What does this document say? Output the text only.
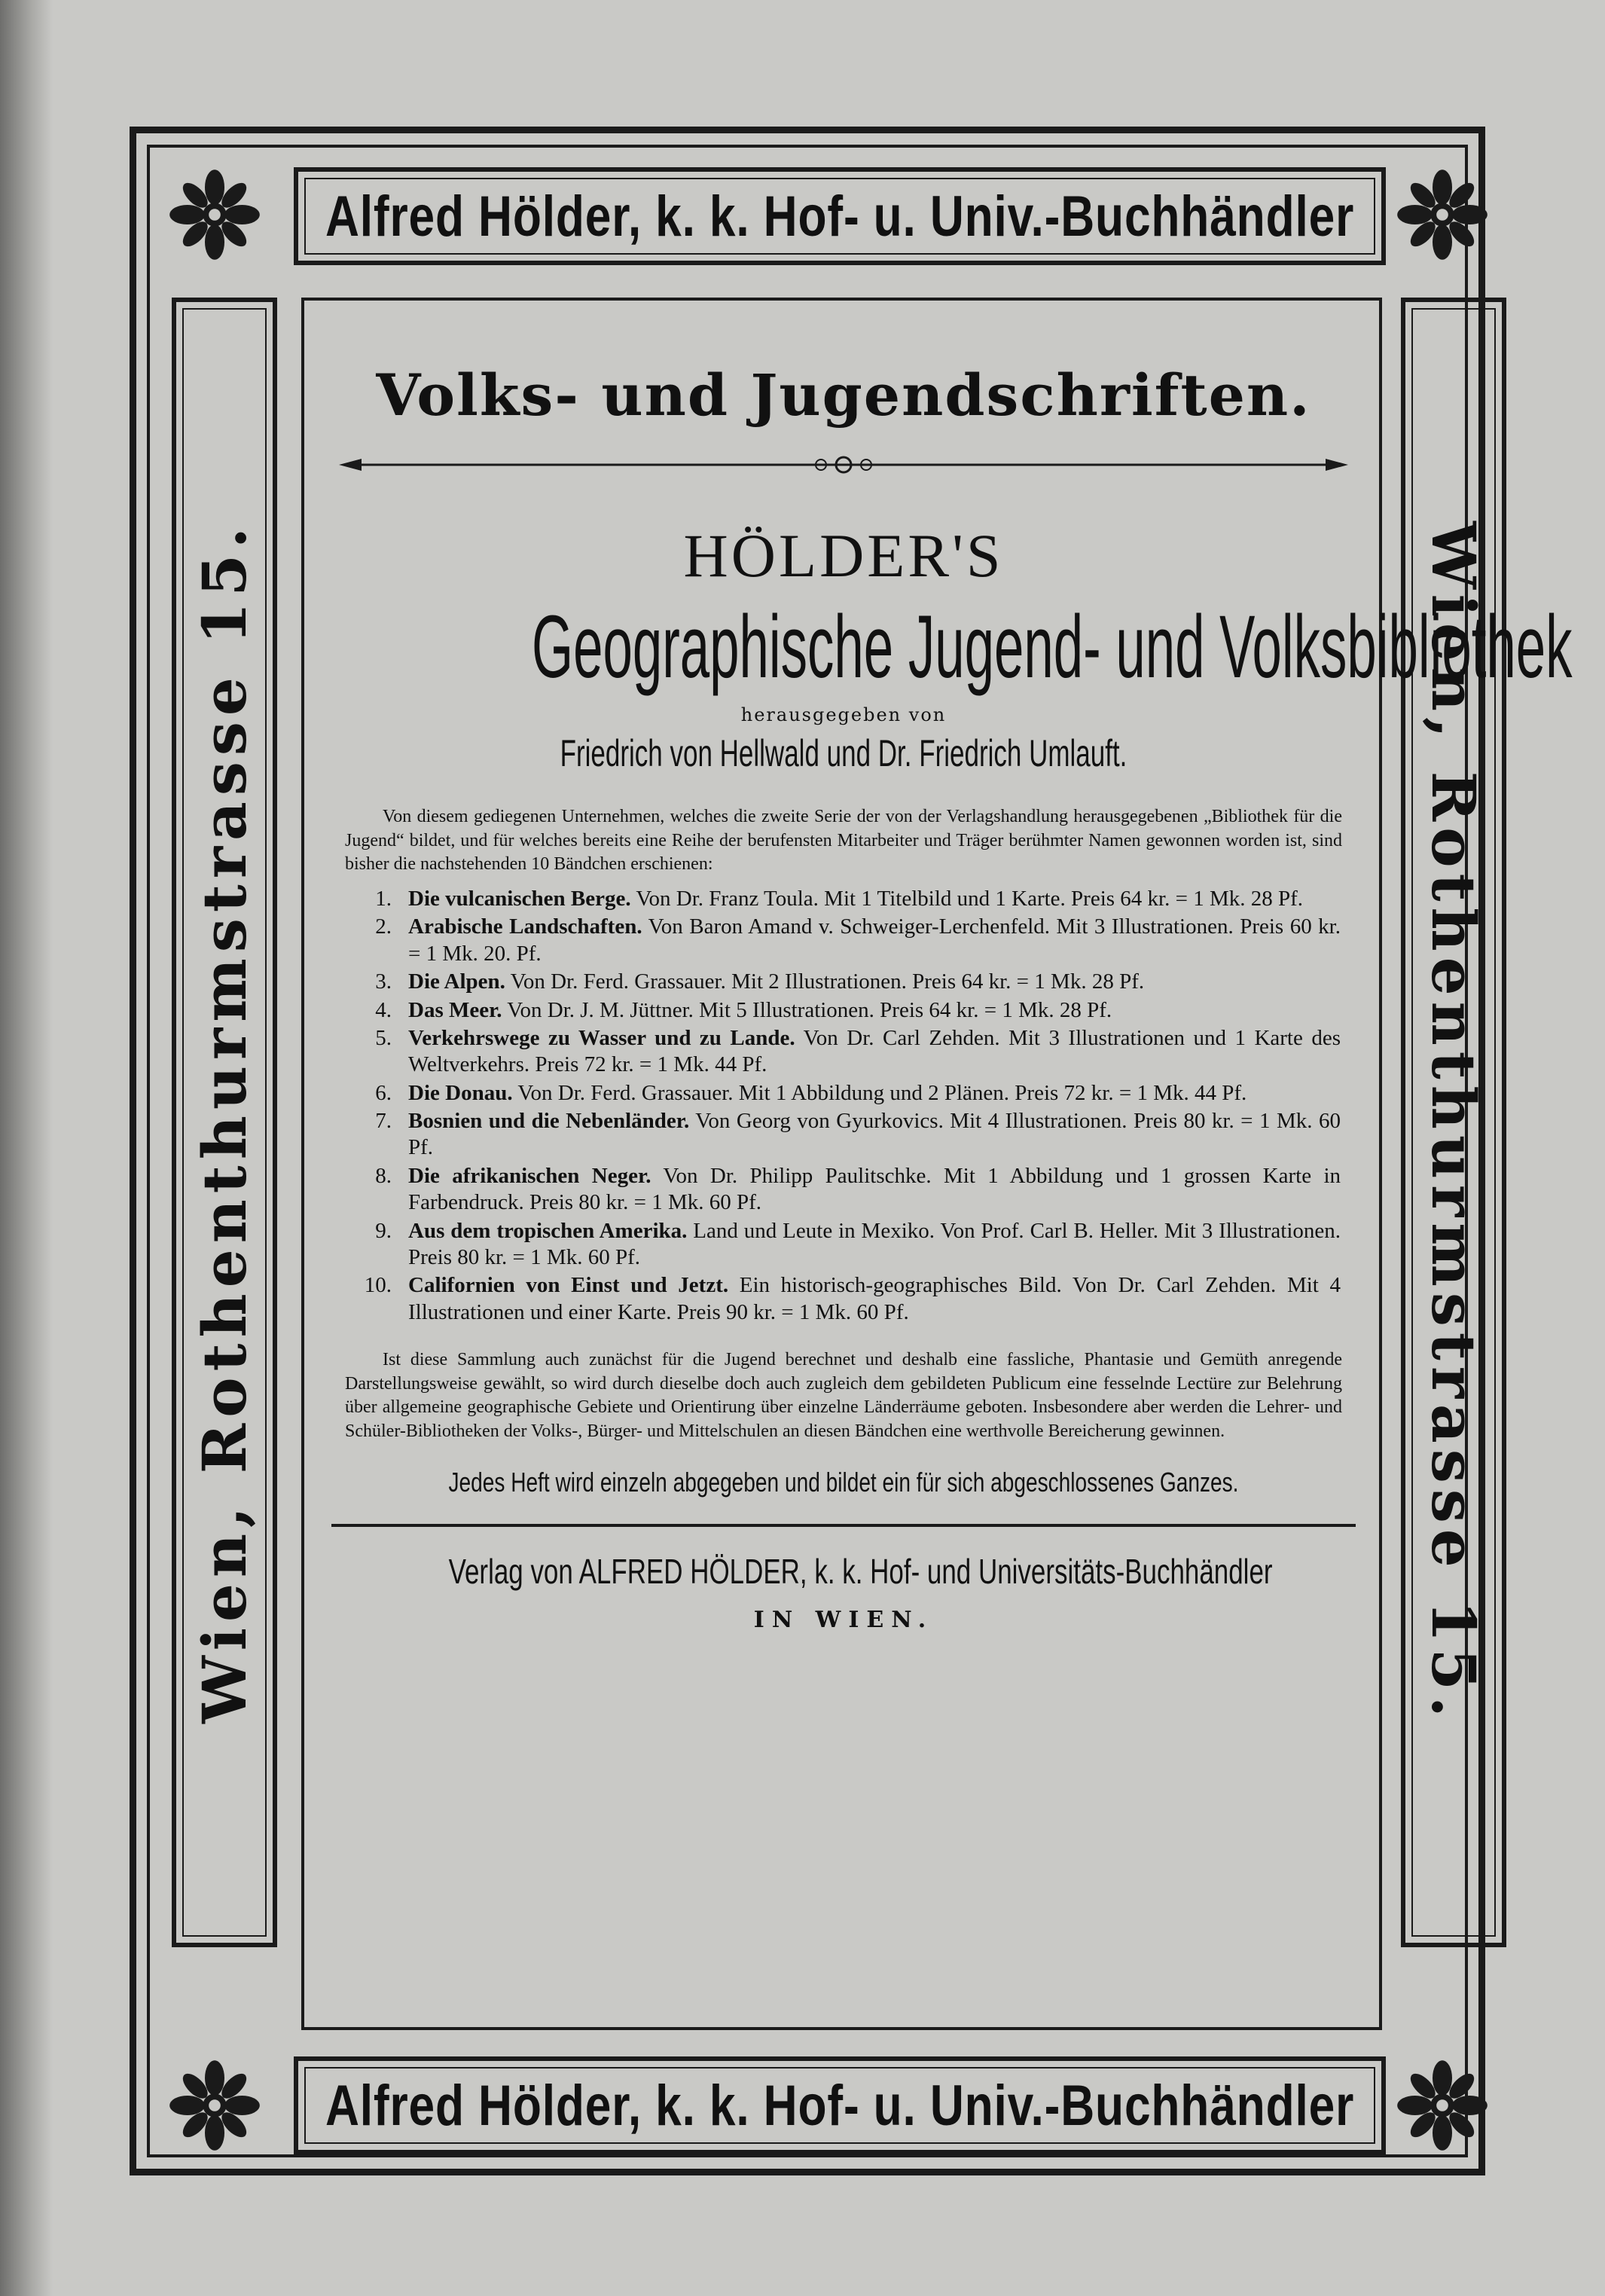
Alfred Hölder, k. k. Hof- u. Univ.-Buchhändler
Alfred Hölder, k. k. Hof- u. Univ.-Buchhändler
Wien, Rothenthurmstrasse 15.	Wien, Rothenthurmstrasse 15.
Volks- und Jugendschriften.
HÖLDER'S
Geographische Jugend- und Volksbibliothek
herausgegeben von
Friedrich von Hellwald und Dr. Friedrich Umlauft.
Von diesem gediegenen Unternehmen, welches die zweite Serie der von der Verlagshandlung herausgegebenen „Bibliothek für die Jugend“ bildet, und für welches bereits eine Reihe der berufensten Mitarbeiter und Träger berühmter Namen gewonnen worden ist, sind bisher die nachstehenden 10 Bändchen erschienen:
1. Die vulcanischen Berge. Von Dr. Franz Toula. Mit 1 Titelbild und 1 Karte. Preis 64 kr. = 1 Mk. 28 Pf.
2. Arabische Landschaften. Von Baron Amand v. Schweiger-Lerchenfeld. Mit 3 Illustrationen. Preis 60 kr. = 1 Mk. 20. Pf.
3. Die Alpen. Von Dr. Ferd. Grassauer. Mit 2 Illustrationen. Preis 64 kr. = 1 Mk. 28 Pf.
4. Das Meer. Von Dr. J. M. Jüttner. Mit 5 Illustrationen. Preis 64 kr. = 1 Mk. 28 Pf.
5. Verkehrswege zu Wasser und zu Lande. Von Dr. Carl Zehden. Mit 3 Illustrationen und 1 Karte des Weltverkehrs. Preis 72 kr. = 1 Mk. 44 Pf.
6. Die Donau. Von Dr. Ferd. Grassauer. Mit 1 Abbildung und 2 Plänen. Preis 72 kr. = 1 Mk. 44 Pf.
7. Bosnien und die Nebenländer. Von Georg von Gyurkovics. Mit 4 Illustrationen. Preis 80 kr. = 1 Mk. 60 Pf.
8. Die afrikanischen Neger. Von Dr. Philipp Paulitschke. Mit 1 Abbildung und 1 grossen Karte in Farbendruck. Preis 80 kr. = 1 Mk. 60 Pf.
9. Aus dem tropischen Amerika. Land und Leute in Mexiko. Von Prof. Carl B. Heller. Mit 3 Illustrationen. Preis 80 kr. = 1 Mk. 60 Pf.
10. Californien von Einst und Jetzt. Ein historisch-geographisches Bild. Von Dr. Carl Zehden. Mit 4 Illustrationen und einer Karte. Preis 90 kr. = 1 Mk. 60 Pf.
Ist diese Sammlung auch zunächst für die Jugend berechnet und deshalb eine fassliche, Phantasie und Gemüth anregende Darstellungsweise gewählt, so wird durch dieselbe doch auch zugleich dem gebildeten Publicum eine fesselnde Lectüre zur Belehrung über allgemeine geographische Gebiete und Orientirung über einzelne Länderräume geboten. Insbesondere aber werden die Lehrer- und Schüler-Bibliotheken der Volks-, Bürger- und Mittelschulen an diesen Bändchen eine werthvolle Bereicherung gewinnen.
Jedes Heft wird einzeln abgegeben und bildet ein für sich abgeschlossenes Ganzes.
Verlag von ALFRED HÖLDER, k. k. Hof- und Universitäts-Buchhändler
IN WIEN.
